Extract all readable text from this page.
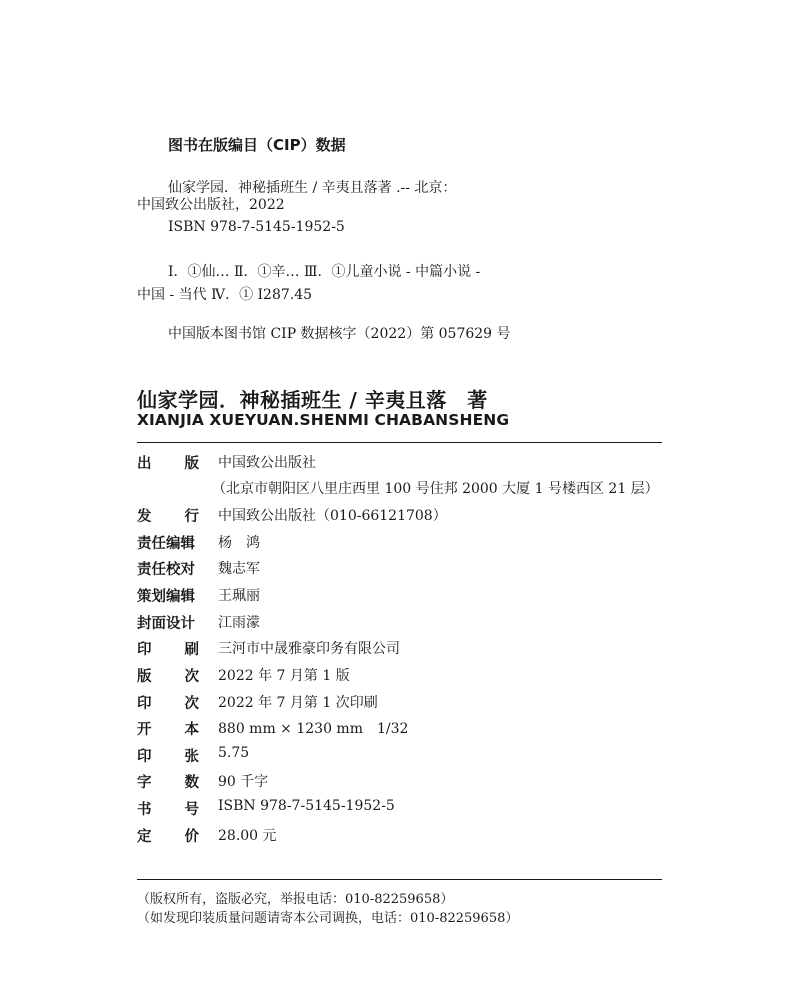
图书在版编目（CIP）数据
仙家学园．神秘插班生 / 辛夷且落著 .-- 北京：
中国致公出版社，2022
ISBN 978-7-5145-1952-5
Ⅰ．①仙… Ⅱ．①辛… Ⅲ．①儿童小说 - 中篇小说 -
中国 - 当代 Ⅳ．① I287.45
中国版本图书馆 CIP 数据核字（2022）第 057629 号
仙家学园．神秘插班生 / 辛夷且落　著
XIANJIA XUEYUAN.SHENMI CHABANSHENG
出 版 中国致公出版社
（北京市朝阳区八里庄西里 100 号住邦 2000 大厦 1 号楼西区 21 层）
发 行 中国致公出版社（010-66121708）
责任编辑 杨　鸿
责任校对 魏志军
策划编辑 王珮丽
封面设计 江雨濛
印 刷 三河市中晟雅豪印务有限公司
版 次 2022 年 7 月第 1 版
印 次 2022 年 7 月第 1 次印刷
开 本 880 mm × 1230 mm　1/32
印 张 5.75
字 数 90 千字
书 号 ISBN 978-7-5145-1952-5
定 价 28.00 元
（版权所有，盗版必究，举报电话：010-82259658）
（如发现印装质量问题请寄本公司调换，电话：010-82259658）
